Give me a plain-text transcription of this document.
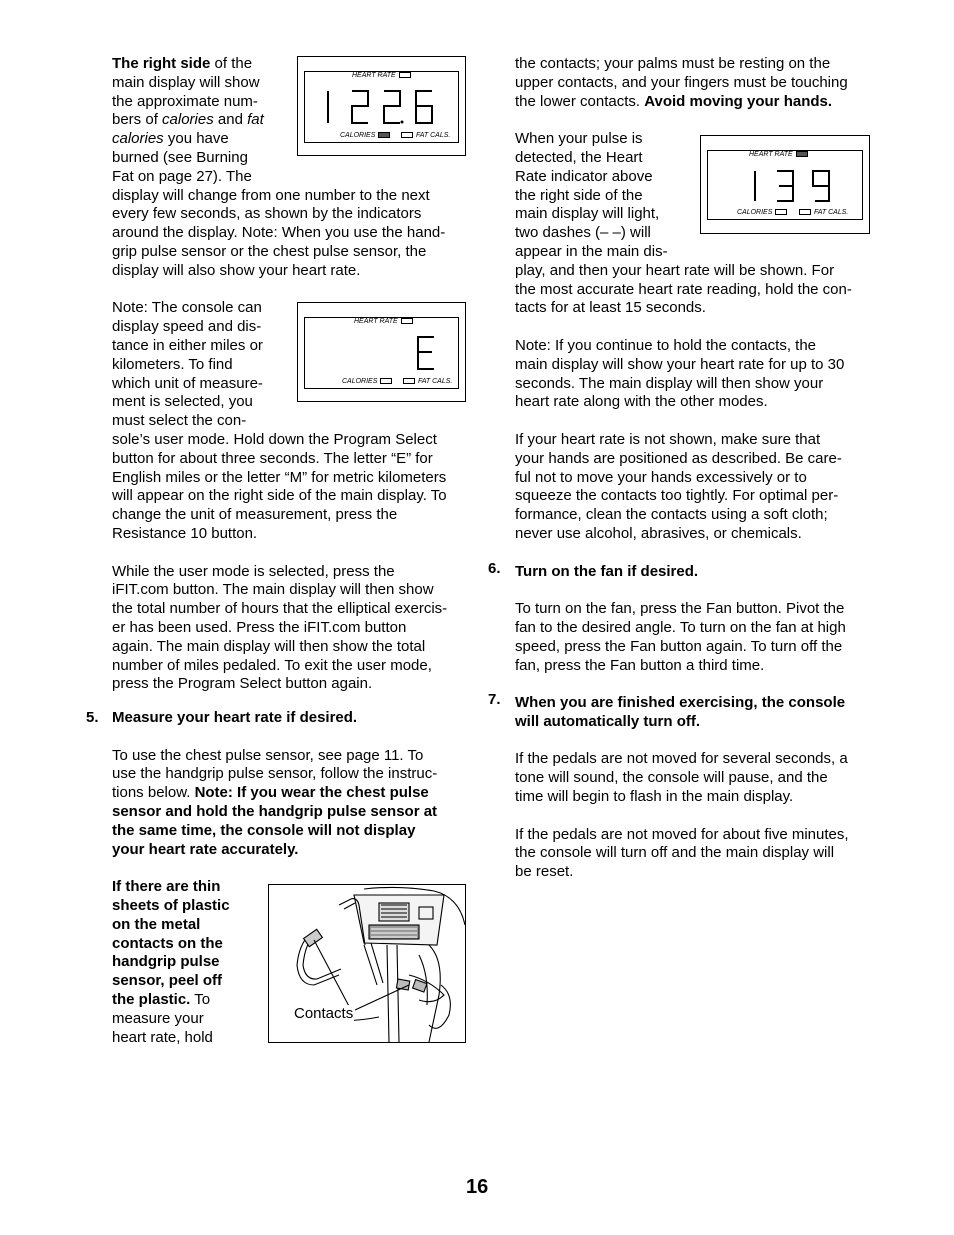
The right side of the

main display will show

the approximate num-

bers of calories and fat

calories you have

burned (see Burning

Fat on page 27). The

display will change from one number to the next

every few seconds, as shown by the indicators

around the display. Note: When you use the hand-

grip pulse sensor or the chest pulse sensor, the

display will also show your heart rate.

Note: The console can

display speed and dis-

tance in either miles or

kilometers. To find

which unit of measure-

ment is selected, you

must select the con-

sole’s user mode. Hold down the Program Select

button for about three seconds. The letter “E” for

English miles or the letter “M” for metric kilometers

will appear on the right side of the main display. To

change the unit of measurement, press the

Resistance 10 button.

While the user mode is selected, press the

iFIT.com button. The main display will then show

the total number of hours that the elliptical exercis-

er has been used. Press the iFIT.com button

again. The main display will then show the total

number of miles pedaled. To exit the user mode,

press the Program Select button again.

5. Measure your heart rate if desired.

To use the chest pulse sensor, see page 11. To

use the handgrip pulse sensor, follow the instruc-

tions below. Note: If you wear the chest pulse

sensor and hold the handgrip pulse sensor at

the same time, the console will not display

your heart rate accurately.

If there are thin

sheets of plastic

on the metal

contacts on the

handgrip pulse

sensor, peel off

the plastic. To

measure your

heart rate, hold

HEART RATE
CALORIES	FAT CALS.
HEART RATE
CALORIES	FAT CALS.
Contacts

the contacts; your palms must be resting on the

upper contacts, and your fingers must be touching

the lower contacts. Avoid moving your hands.

When your pulse is

detected, the Heart

Rate indicator above

the right side of the

main display will light,

two dashes (– –) will

appear in the main dis-

play, and then your heart rate will be shown. For

the most accurate heart rate reading, hold the con-

tacts for at least 15 seconds.

Note: If you continue to hold the contacts, the

main display will show your heart rate for up to 30

seconds. The main display will then show your

heart rate along with the other modes.

If your heart rate is not shown, make sure that

your hands are positioned as described. Be care-

ful not to move your hands excessively or to

squeeze the contacts too tightly. For optimal per-

formance, clean the contacts using a soft cloth;

never use alcohol, abrasives, or chemicals.

Turn on the fan if desired.

To turn on the fan, press the Fan button. Pivot the

fan to the desired angle. To turn on the fan at high

speed, press the Fan button again. To turn off the

fan, press the Fan button a third time.

When you are finished exercising, the console

will automatically turn off.

If the pedals are not moved for several seconds, a

tone will sound, the console will pause, and the

time will begin to flash in the main display.

If the pedals are not moved for about five minutes,

the console will turn off and the main display will

be reset.

6.
7.
HEART RATE
CALORIES	FAT CALS.
16
